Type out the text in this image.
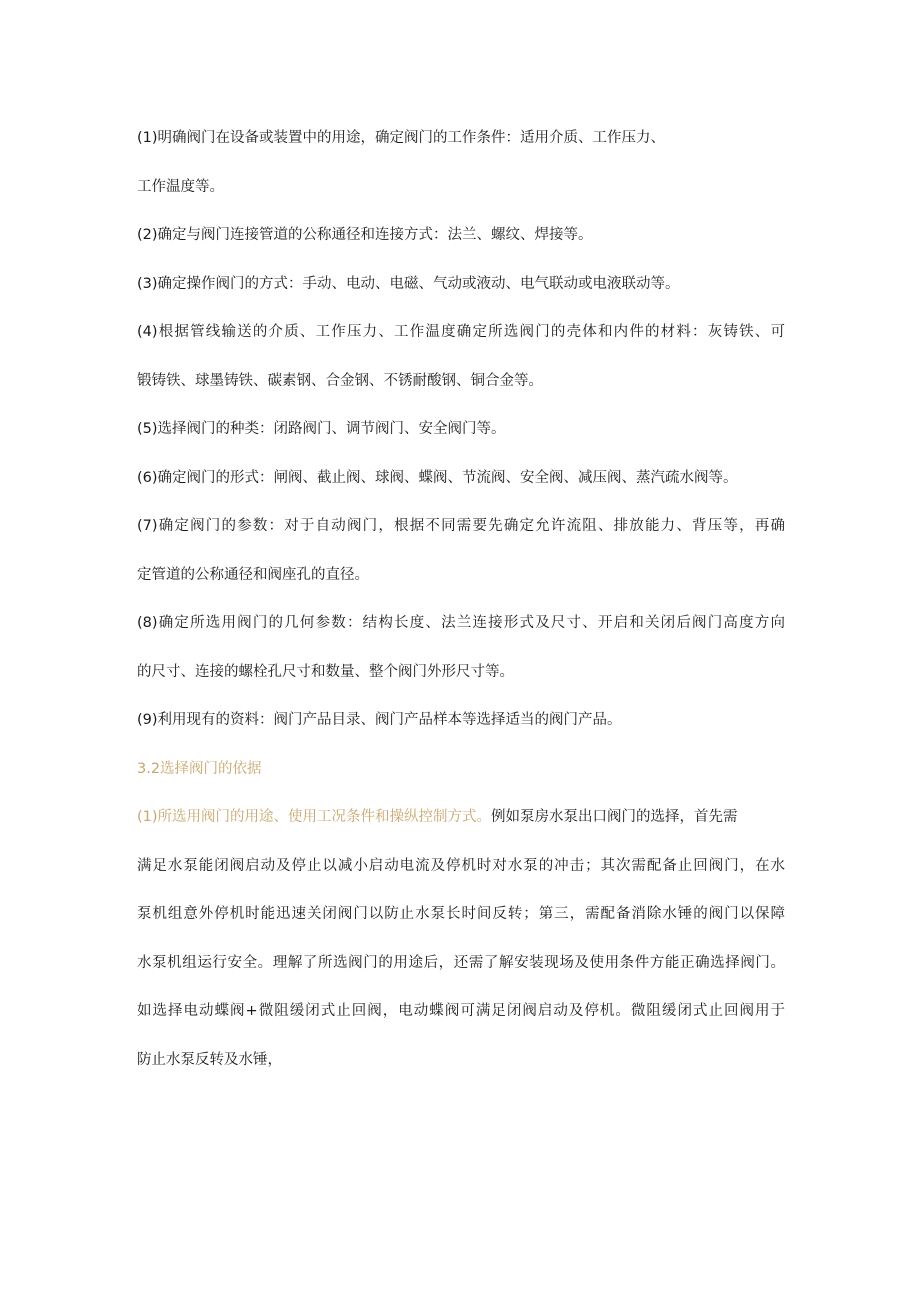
(1)明确阀门在设备或装置中的用途，确定阀门的工作条件：适用介质、工作压力、

工作温度等。

(2)确定与阀门连接管道的公称通径和连接方式：法兰、螺纹、焊接等。

(3)确定操作阀门的方式：手动、电动、电磁、气动或液动、电气联动或电液联动等。

(4)根据管线输送的介质、工作压力、工作温度确定所选阀门的壳体和内件的材料：灰铸铁、可

锻铸铁、球墨铸铁、碳素钢、合金钢、不锈耐酸钢、铜合金等。

(5)选择阀门的种类：闭路阀门、调节阀门、安全阀门等。

(6)确定阀门的形式：闸阀、截止阀、球阀、蝶阀、节流阀、安全阀、减压阀、蒸汽疏水阀等。

(7)确定阀门的参数：对于自动阀门，根据不同需要先确定允许流阻、排放能力、背压等，再确

定管道的公称通径和阀座孔的直径。

(8)确定所选用阀门的几何参数：结构长度、法兰连接形式及尺寸、开启和关闭后阀门高度方向

的尺寸、连接的螺栓孔尺寸和数量、整个阀门外形尺寸等。

(9)利用现有的资料：阀门产品目录、阀门产品样本等选择适当的阀门产品。

3.2选择阀门的依据

(1)所选用阀门的用途、使用工况条件和操纵控制方式。例如泵房水泵出口阀门的选择，首先需

满足水泵能闭阀启动及停止以减小启动电流及停机时对水泵的冲击；其次需配备止回阀门，在水

泵机组意外停机时能迅速关闭阀门以防止水泵长时间反转；第三，需配备消除水锤的阀门以保障

水泵机组运行安全。理解了所选阀门的用途后，还需了解安装现场及使用条件方能正确选择阀门。

如选择电动蝶阀+微阻缓闭式止回阀，电动蝶阀可满足闭阀启动及停机。微阻缓闭式止回阀用于

防止水泵反转及水锤，
